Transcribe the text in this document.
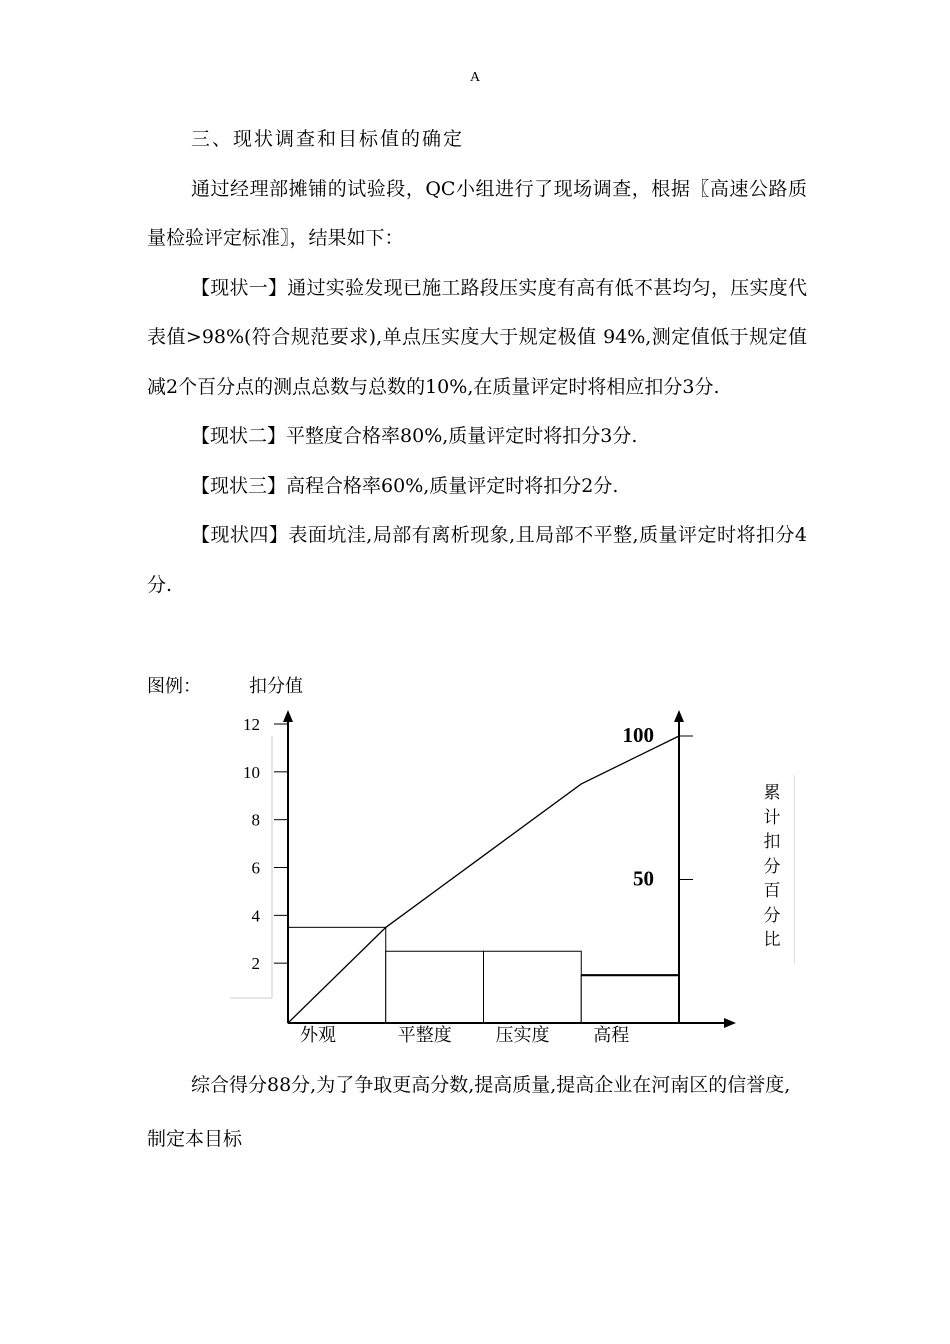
A

三、现状调查和目标值的确定

通过经理部摊铺的试验段，QC小组进行了现场调查，根据〖高速公路质量检验评定标准〗，结果如下：

【现状一】通过实验发现已施工路段压实度有高有低不甚均匀，压实度代表值>98%(符合规范要求),单点压实度大于规定极值 94%,测定值低于规定值减2个百分点的测点总数与总数的10%,在质量评定时将相应扣分3分.

【现状二】平整度合格率80%,质量评定时将扣分3分.

【现状三】高程合格率60%,质量评定时将扣分2分.

【现状四】表面坑洼,局部有离析现象,且局部不平整,质量评定时将扣分4分.

图例：	扣分值
2
4
6
8
10
12
50
100
外观	平整度 压实度 高程
累计扣分百分比

综合得分88分,为了争取更高分数,提高质量,提高企业在河南区的信誉度,制定本目标
